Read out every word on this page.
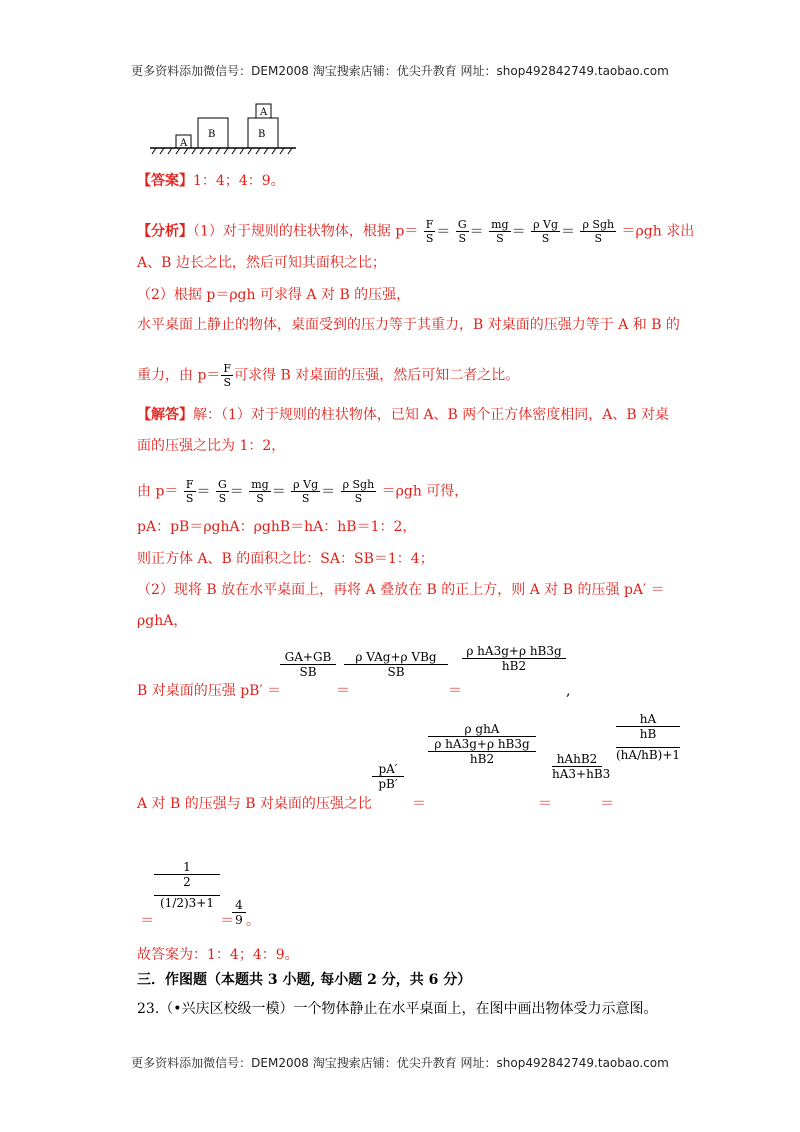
更多资料添加微信号：DEM2008 淘宝搜索店铺：优尖升教育 网址：shop492842749.taobao.com
A
B	B
A
【答案】1：4；4：9。
【分析】（1）对于规则的柱状物体，根据 $p= \frac{F}{S} = \frac{G}{S} = \frac{mg}{S} = \frac{\text{ρ Vg}}{S} = \frac{\text{ρ Sgh}}{S} =\rho gh$ 求出
A、B 边长之比，然后可知其面积之比；
（2）根据 p＝ρgh 可求得 A 对 B 的压强，
水平桌面上静止的物体，桌面受到的压力等于其重力，B 对桌面的压强力等于 A 和 B 的
重力，由 $p= \frac{F}{S}$ 可求得 B 对桌面的压强，然后可知二者之比。
【解答】解：（1）对于规则的柱状物体，已知 A、B 两个正方体密度相同，A、B 对桌
面的压强之比为 1：2，
由 $p= \frac{F}{S} = \frac{G}{S} = \frac{mg}{S} = \frac{\text{ρ Vg}}{S} = \frac{\text{ρ Sgh}}{S} =\rho gh$ 可得，
pA：pB＝ρghA：ρghB＝hA：hB＝1：2，
则正方体 A、B 的面积之比：SA：SB＝1：4；
（2）现将 B 放在水平桌面上，再将 A 叠放在 B 的正上方，则 A 对 B 的压强 pA′ ＝
ρghA，
B 对桌面的压强 pB′ ＝
GA+GB
SB
＝
ρ VAg+ρ VBg
SB
＝
ρ hA3g+ρ hB3g
hB2
,
A 对 B 的压强与 B 对桌面的压强之比
pA′
pB′
＝
ρ ghA
ρ hA3g+ρ hB3g
hB2
＝
hAhB2
hA3+hB3
＝
hA
hB
(hA/hB)+1
1
2
(1/2)3+1
＝	＝
4
9 。
故答案为：1：4；4：9。
三．作图题（本题共 3 小题, 每小题 2 分，共 6 分）
23.（•兴庆区校级一模）一个物体静止在水平桌面上，在图中画出物体受力示意图。
更多资料添加微信号：DEM2008 淘宝搜索店铺：优尖升教育 网址：shop492842749.taobao.com
